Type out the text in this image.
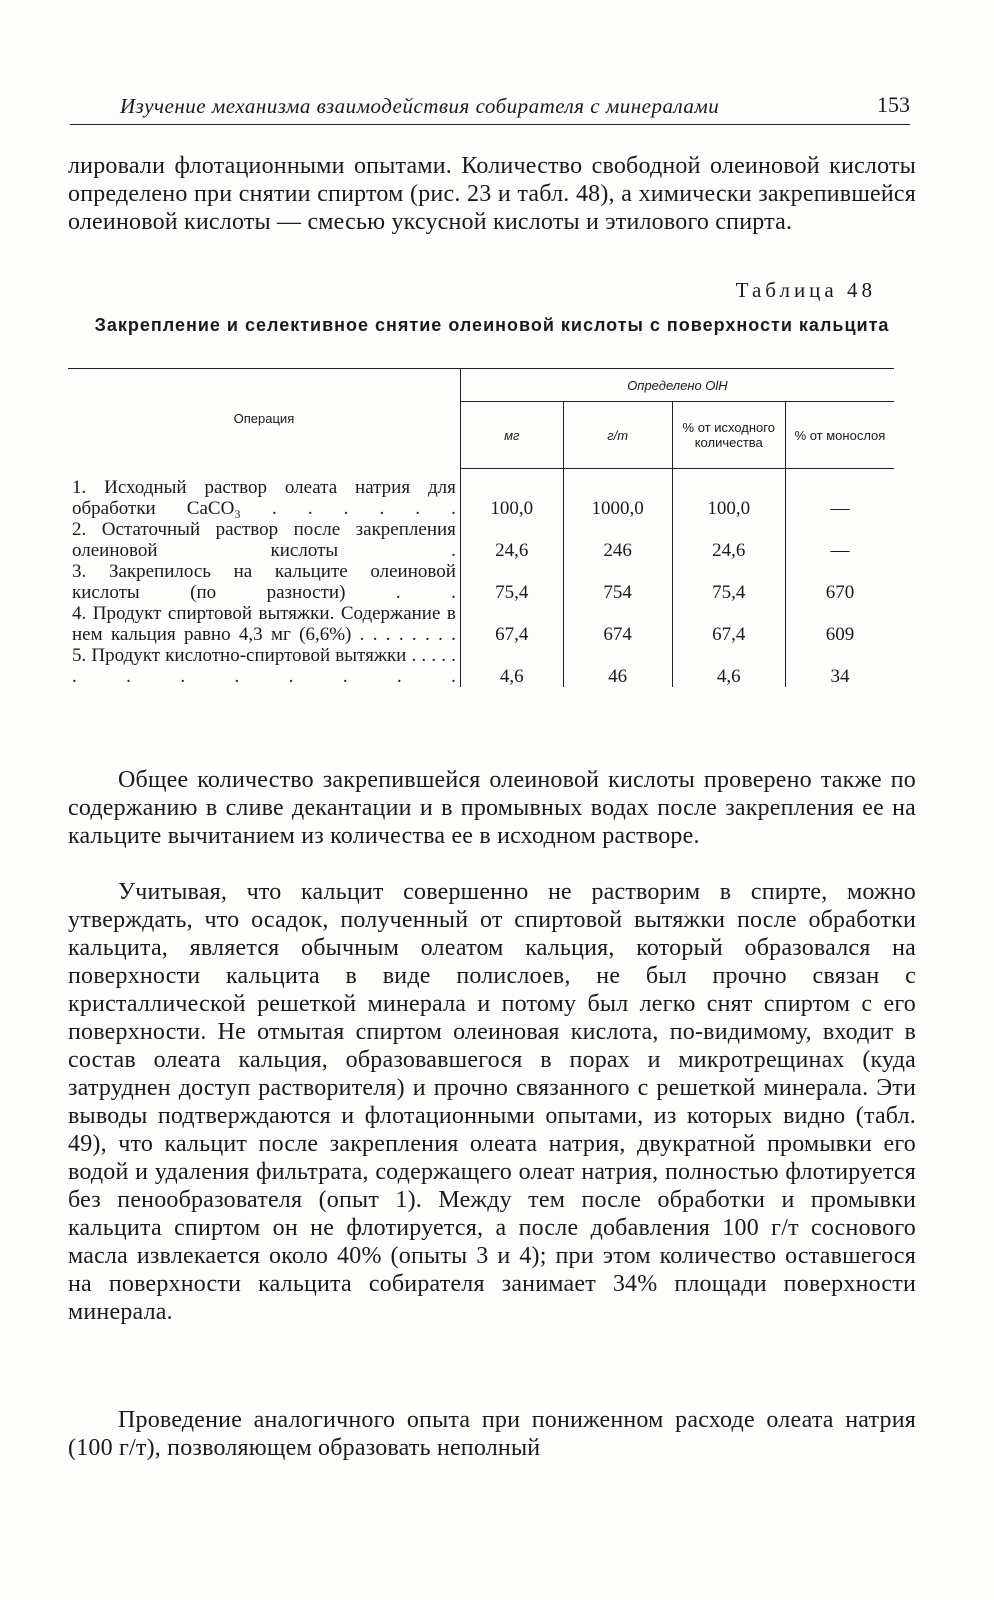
Изучение механизма взаимодействия собирателя с минералами	153
лировали флотационными опытами. Количество свободной олеиновой кислоты определено при снятии спиртом (рис. 23 и табл. 48), а химически закрепившейся олеиновой кислоты — смесью уксусной кислоты и этилового спирта.
Таблица 48
Закрепление и селективное снятие олеиновой кислоты с поверхности кальцита
Операция	Определено OlH			
	мг	г/т	% от исходного количества	% от монослоя

1. Исходный раствор олеата натрия для обработки CaCO₃ . . . . . .	100,0	1000,0	100,0	—
2. Остаточный раствор после закрепления олеиновой кислоты .	24,6	246	24,6	—
3. Закрепилось на кальците олеиновой кислоты (по разности) . .	75,4	754	75,4	670
4. Продукт спиртовой вытяжки. Содержание в нем кальция равно 4,3 мг (6,6%) . . . . . . . .	67,4	674	67,4	609
5. Продукт кислотно-спиртовой вытяжки . . . . . . . . . . . . .	4,6	46	4,6	34
Общее количество закрепившейся олеиновой кислоты проверено также по содержанию в сливе декантации и в промывных водах после закрепления ее на кальците вычитанием из количества ее в исходном растворе.
Учитывая, что кальцит совершенно не растворим в спирте, можно утверждать, что осадок, полученный от спиртовой вытяжки после обработки кальцита, является обычным олеатом кальция, который образовался на поверхности кальцита в виде полислоев, не был прочно связан с кристаллической решеткой минерала и потому был легко снят спиртом с его поверхности. Не отмытая спиртом олеиновая кислота, по-видимому, входит в состав олеата кальция, образовавшегося в порах и микротрещинах (куда затруднен доступ растворителя) и прочно связанного с решеткой минерала. Эти выводы подтверждаются и флотационными опытами, из которых видно (табл. 49), что кальцит после закрепления олеата натрия, двукратной промывки его водой и удаления фильтрата, содержащего олеат натрия, полностью флотируется без пенообразователя (опыт 1). Между тем после обработки и промывки кальцита спиртом он не флотируется, а после добавления 100 г/т соснового масла извлекается около 40% (опыты 3 и 4); при этом количество оставшегося на поверхности кальцита собирателя занимает 34% площади поверхности минерала.
Проведение аналогичного опыта при пониженном расходе олеата натрия (100 г/т), позволяющем образовать неполный
